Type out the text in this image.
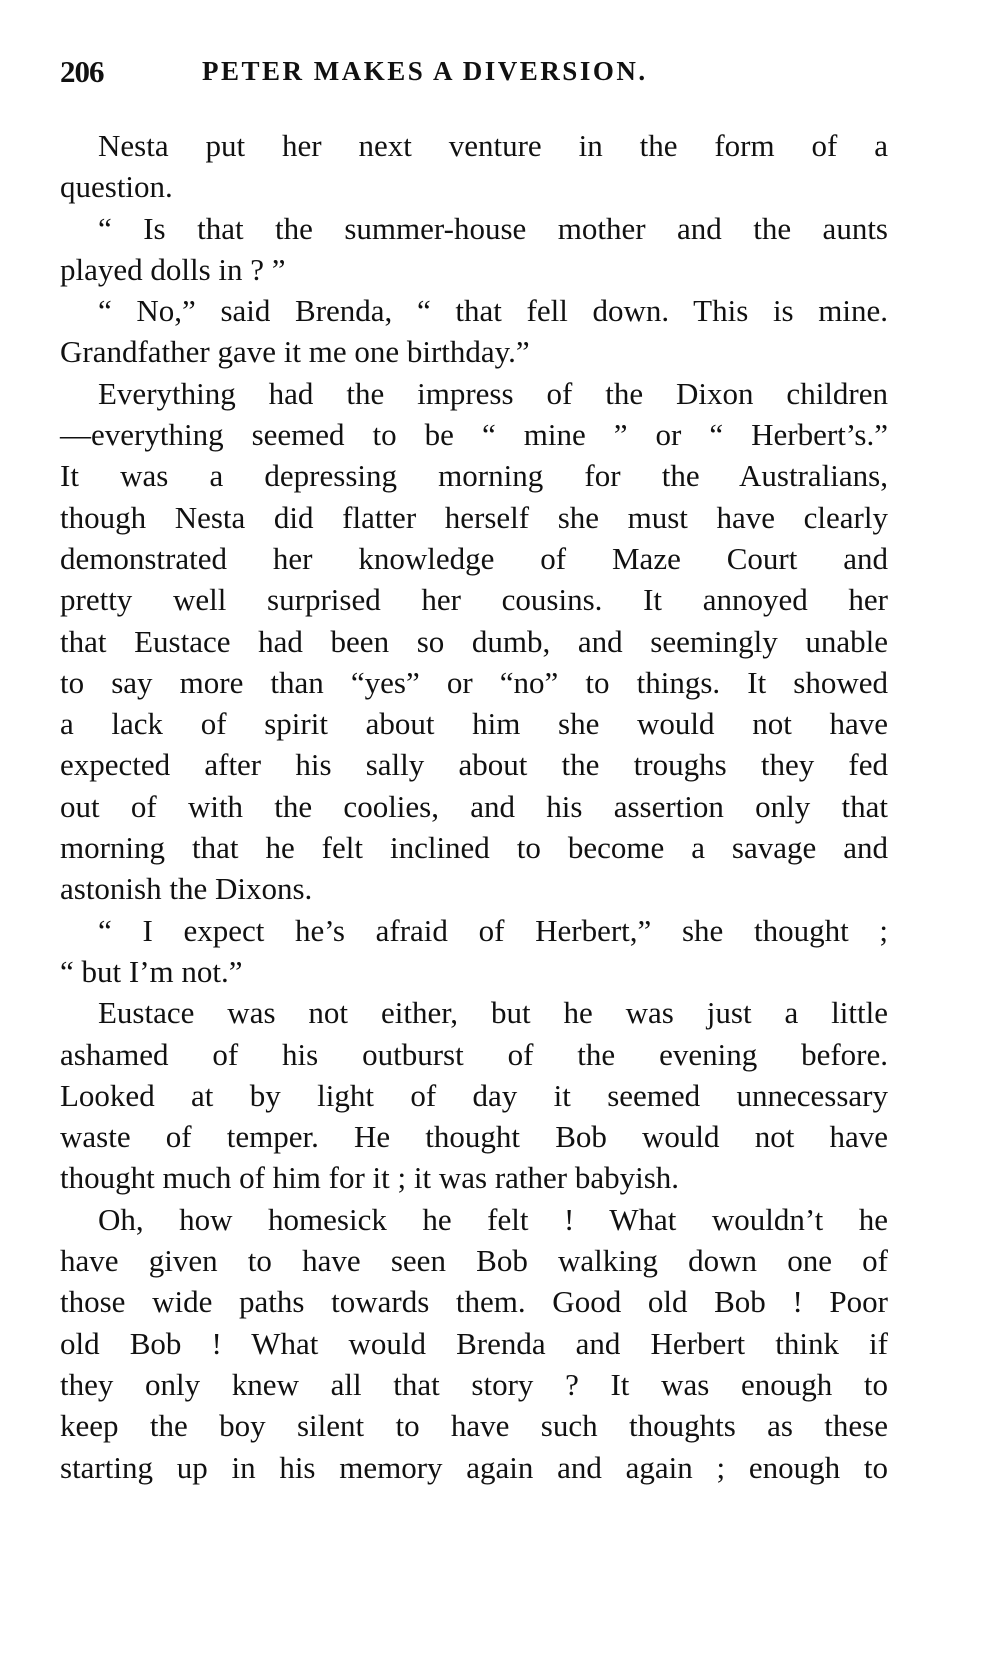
206	PETER MAKES A DIVERSION.
Nesta put her next venture in the form of a
question.
“ Is that the summer-house mother and the aunts
played dolls in ? ”
“ No,” said Brenda, “ that fell down. This is mine.
Grandfather gave it me one birthday.”
Everything had the impress of the Dixon children
—everything seemed to be “ mine ” or “ Herbert’s.”
It was a depressing morning for the Australians,
though Nesta did flatter herself she must have clearly
demonstrated her knowledge of Maze Court and
pretty well surprised her cousins. It annoyed her
that Eustace had been so dumb, and seemingly unable
to say more than “yes” or “no” to things. It showed
a lack of spirit about him she would not have
expected after his sally about the troughs they fed
out of with the coolies, and his assertion only that
morning that he felt inclined to become a savage and
astonish the Dixons.
“ I expect he’s afraid of Herbert,” she thought ;
“ but I’m not.”
Eustace was not either, but he was just a little
ashamed of his outburst of the evening before.
Looked at by light of day it seemed unnecessary
waste of temper. He thought Bob would not have
thought much of him for it ; it was rather babyish.
Oh, how homesick he felt ! What wouldn’t he
have given to have seen Bob walking down one of
those wide paths towards them. Good old Bob ! Poor
old Bob ! What would Brenda and Herbert think if
they only knew all that story ? It was enough to
keep the boy silent to have such thoughts as these
starting up in his memory again and again ; enough to
